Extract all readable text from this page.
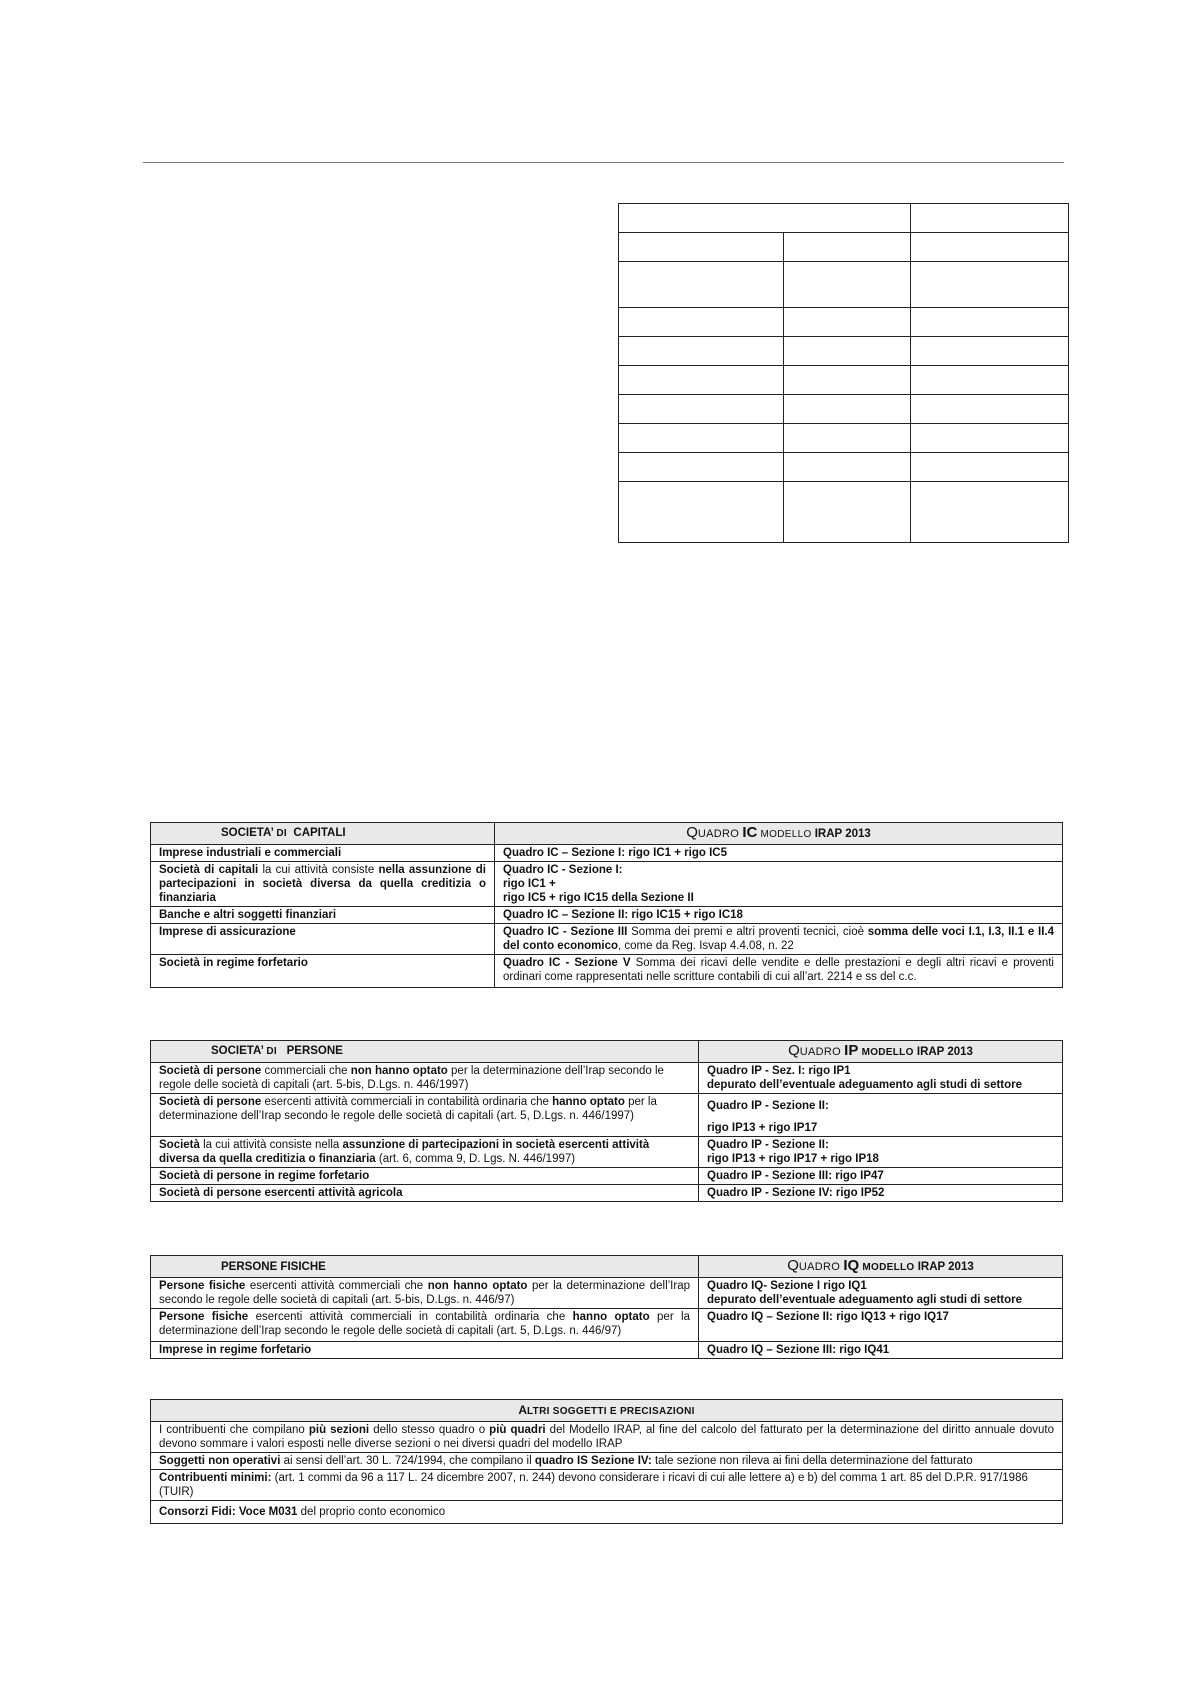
SOCIETA’ DI CAPITALI	QUADRO IC MODELLO IRAP 2013
Imprese industriali e commerciali	Quadro IC – Sezione I: rigo IC1 + rigo IC5
Società di capitali la cui attività consiste nella assunzione di partecipazioni in società diversa da quella creditizia o finanziaria	Quadro IC - Sezione I:
rigo IC1 +
rigo IC5 + rigo IC15 della Sezione II
Banche e altri soggetti finanziari	Quadro IC – Sezione II: rigo IC15 + rigo IC18
Imprese di assicurazione	Quadro IC - Sezione III Somma dei premi e altri proventi tecnici, cioè somma delle voci I.1, I.3, II.1 e II.4 del conto economico, come da Reg. Isvap 4.4.08, n. 22
Società in regime forfetario	Quadro IC - Sezione V Somma dei ricavi delle vendite e delle prestazioni e degli altri ricavi e proventi ordinari come rappresentati nelle scritture contabili di cui all’art. 2214 e ss del c.c.
SOCIETA’ DI PERSONE	QUADRO IP MODELLO IRAP 2013
Società di persone commerciali che non hanno optato per la determinazione dell’Irap secondo le regole delle società di capitali (art. 5-bis, D.Lgs. n. 446/1997)	Quadro IP - Sez. I: rigo IP1
depurato dell’eventuale adeguamento agli studi di settore
Società di persone esercenti attività commerciali in contabilità ordinaria che hanno optato per la determinazione dell’Irap secondo le regole delle società di capitali (art. 5, D.Lgs. n. 446/1997)	Quadro IP - Sezione II:
rigo IP13 + rigo IP17

Società la cui attività consiste nella assunzione di partecipazioni in società esercenti attività diversa da quella creditizia o finanziaria (art. 6, comma 9, D. Lgs. N. 446/1997)	Quadro IP - Sezione II:
rigo IP13 + rigo IP17 + rigo IP18
Società di persone in regime forfetario	Quadro IP - Sezione III: rigo IP47
Società di persone esercenti attività agricola	Quadro IP - Sezione IV: rigo IP52
PERSONE FISICHE	QUADRO IQ MODELLO IRAP 2013
Persone fisiche esercenti attività commerciali che non hanno optato per la determinazione dell’Irap secondo le regole delle società di capitali (art. 5-bis, D.Lgs. n. 446/97)	Quadro IQ- Sezione I rigo IQ1
depurato dell’eventuale adeguamento agli studi di settore
Persone fisiche esercenti attività commerciali in contabilità ordinaria che hanno optato per la determinazione dell’Irap secondo le regole delle società di capitali (art. 5, D.Lgs. n. 446/97)	Quadro IQ – Sezione II: rigo IQ13 + rigo IQ17
Imprese in regime forfetario	Quadro IQ – Sezione III: rigo IQ41
ALTRI SOGGETTI E PRECISAZIONI
I contribuenti che compilano più sezioni dello stesso quadro o più quadri del Modello IRAP, al fine del calcolo del fatturato per la determinazione del diritto annuale dovuto devono sommare i valori esposti nelle diverse sezioni o nei diversi quadri del modello IRAP
Soggetti non operativi ai sensi dell’art. 30 L. 724/1994, che compilano il quadro IS Sezione IV: tale sezione non rileva ai fini della determinazione del fatturato
Contribuenti minimi: (art. 1 commi da 96 a 117 L. 24 dicembre 2007, n. 244) devono considerare i ricavi di cui alle lettere a) e b) del comma 1 art. 85 del D.P.R. 917/1986 (TUIR)
Consorzi Fidi: Voce M031 del proprio conto economico
